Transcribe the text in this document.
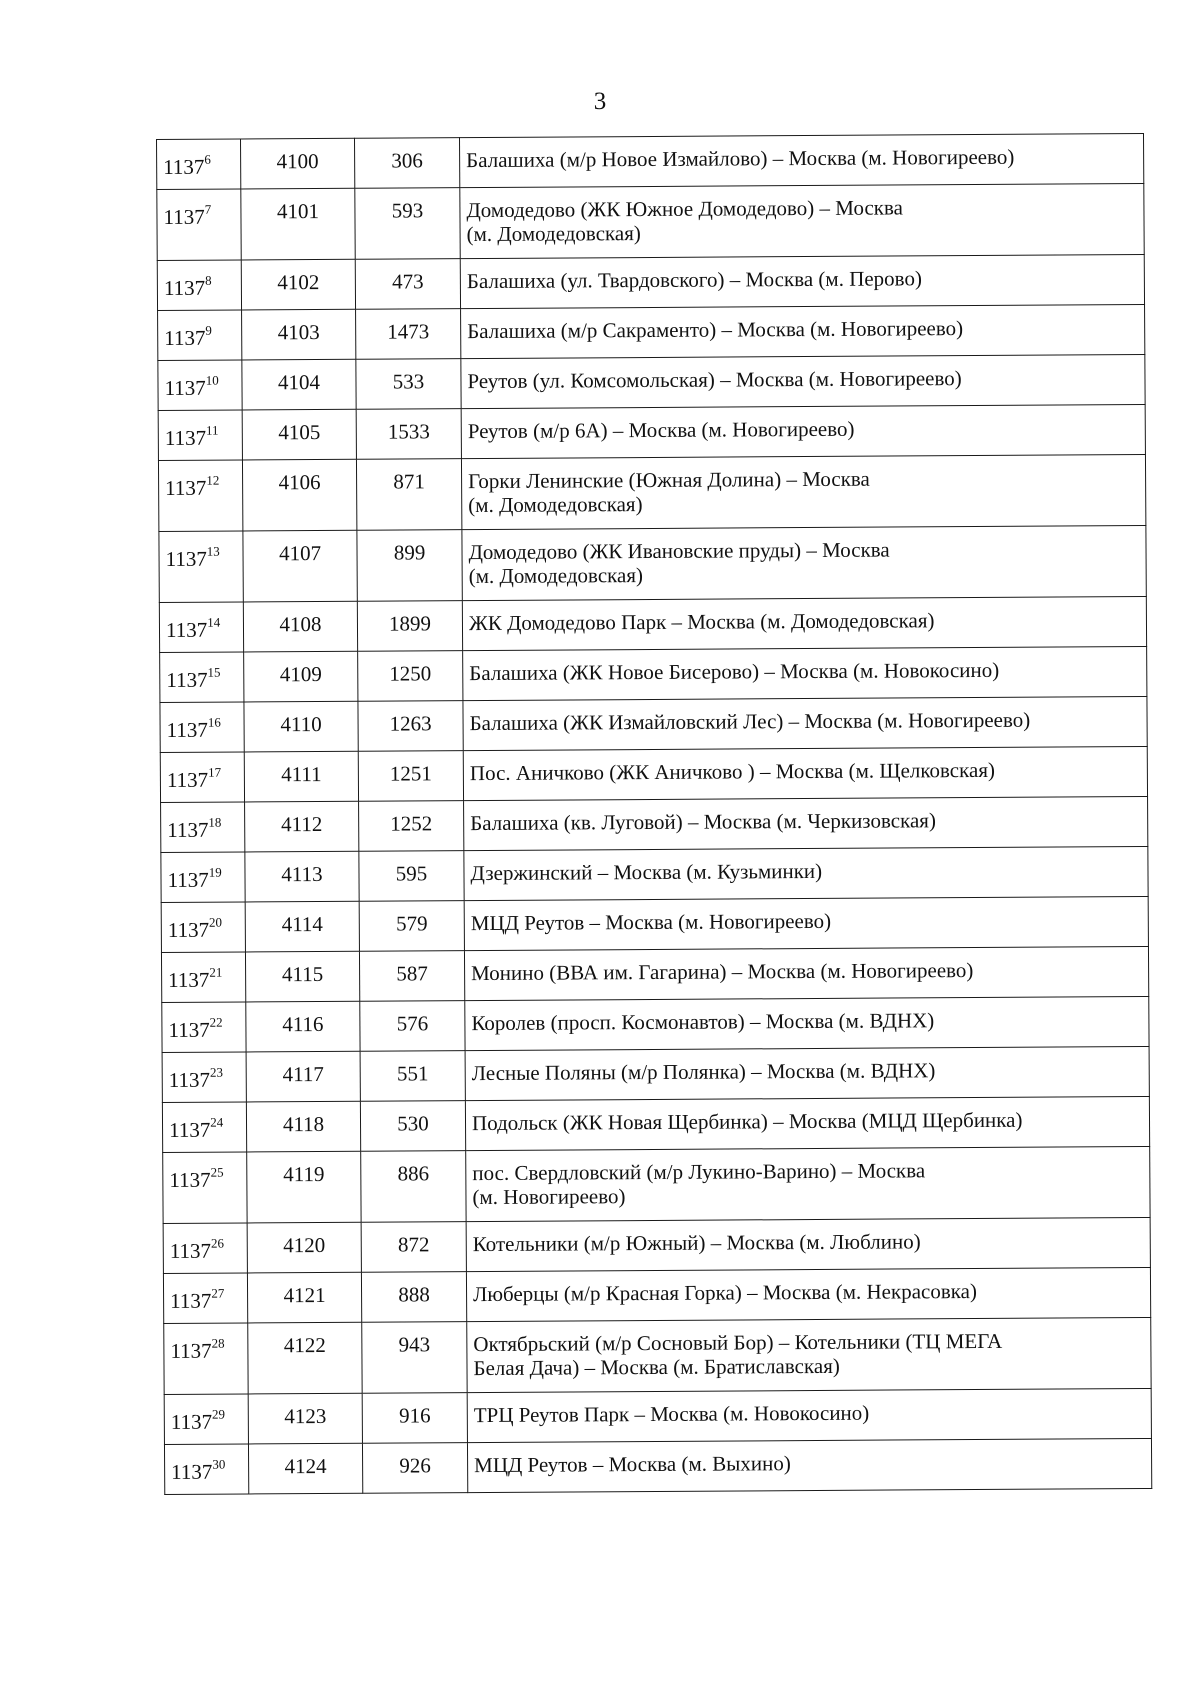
3
1137$^6$	4100	306	Балашиха (м/р Новое Измайлово) – Москва (м. Новогиреево)
1137$^7$	4101	593	Домодедово (ЖК Южное Домодедово) – Москва
(м. Домодедовская)
1137$^8$	4102	473	Балашиха (ул. Твардовского) – Москва (м. Перово)
1137$^9$	4103	1473	Балашиха (м/р Сакраменто) – Москва (м. Новогиреево)
1137$^{10}$	4104	533	Реутов (ул. Комсомольская) – Москва (м. Новогиреево)
1137$^{11}$	4105	1533	Реутов (м/р 6А) – Москва (м. Новогиреево)
1137$^{12}$	4106	871	Горки Ленинские (Южная Долина) – Москва
(м. Домодедовская)
1137$^{13}$	4107	899	Домодедово (ЖК Ивановские пруды) – Москва
(м. Домодедовская)
1137$^{14}$	4108	1899	ЖК Домодедово Парк – Москва (м. Домодедовская)
1137$^{15}$	4109	1250	Балашиха (ЖК Новое Бисерово) – Москва (м. Новокосино)
1137$^{16}$	4110	1263	Балашиха (ЖК Измайловский Лес) – Москва (м. Новогиреево)
1137$^{17}$	4111	1251	Пос. Аничково (ЖК Аничково ) – Москва (м. Щелковская)
1137$^{18}$	4112	1252	Балашиха (кв. Луговой) – Москва (м. Черкизовская)
1137$^{19}$	4113	595	Дзержинский – Москва (м. Кузьминки)
1137$^{20}$	4114	579	МЦД Реутов – Москва (м. Новогиреево)
1137$^{21}$	4115	587	Монино (ВВА им. Гагарина) – Москва (м. Новогиреево)
1137$^{22}$	4116	576	Королев (просп. Космонавтов) – Москва (м. ВДНХ)
1137$^{23}$	4117	551	Лесные Поляны (м/р Полянка) – Москва (м. ВДНХ)
1137$^{24}$	4118	530	Подольск (ЖК Новая Щербинка) – Москва (МЦД Щербинка)
1137$^{25}$	4119	886	пос. Свердловский (м/р Лукино-Варино) – Москва
(м. Новогиреево)
1137$^{26}$	4120	872	Котельники (м/р Южный) – Москва (м. Люблино)
1137$^{27}$	4121	888	Люберцы (м/р Красная Горка) – Москва (м. Некрасовка)
1137$^{28}$	4122	943	Октябрьский (м/р Сосновый Бор) – Котельники (ТЦ МЕГА
Белая Дача) – Москва (м. Братиславская)
1137$^{29}$	4123	916	ТРЦ Реутов Парк – Москва (м. Новокосино)
1137$^{30}$	4124	926	МЦД Реутов – Москва (м. Выхино)
